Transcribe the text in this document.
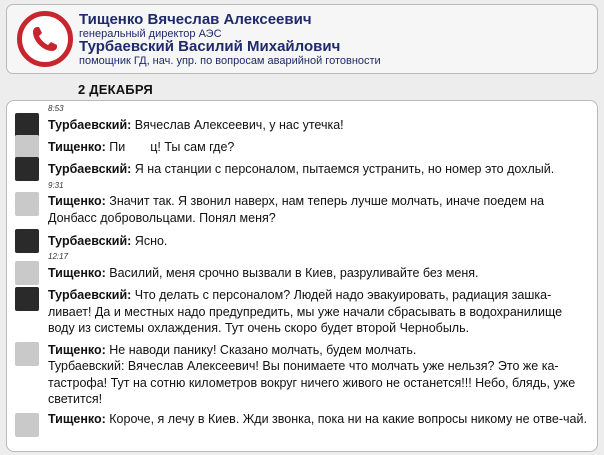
Тищенко Вячеслав Алексеевич
генеральный директор АЭС
Турбаевский Василий Михайлович
помощник ГД, нач. упр. по вопросам аварийной готовности
2 ДЕКАБРЯ
8:53
Турбаевский: Вячеслав Алексеевич, у нас утечка!
Тищенко: Пи  ц! Ты сам где?
Турбаевский: Я на станции с персоналом, пытаемся устранить, но номер это дохлый.
9:31
Тищенко: Значит так. Я звонил наверх, нам теперь лучше молчать, иначе поедем на Донбасс добровольцами. Понял меня?
Турбаевский: Ясно.
12:17
Тищенко: Василий, меня срочно вызвали в Киев, разруливайте без меня.
Турбаевский: Что делать с персоналом? Людей надо эвакуировать, радиация зашка-ливает! Да и местных надо предупредить, мы уже начали сбрасывать в водохранилище воду из системы охлаждения. Тут очень скоро будет второй Чернобыль.
Тищенко: Не наводи панику! Сказано молчать, будем молчать.
Турбаевский: Вячеслав Алексеевич! Вы понимаете что молчать уже нельзя? Это же ка-тастрофа! Тут на сотню километров вокруг ничего живого не останется!!! Небо, блядь, уже светится!
Тищенко: Короче, я лечу в Киев. Жди звонка, пока ни на какие вопросы никому не отве-чай.
